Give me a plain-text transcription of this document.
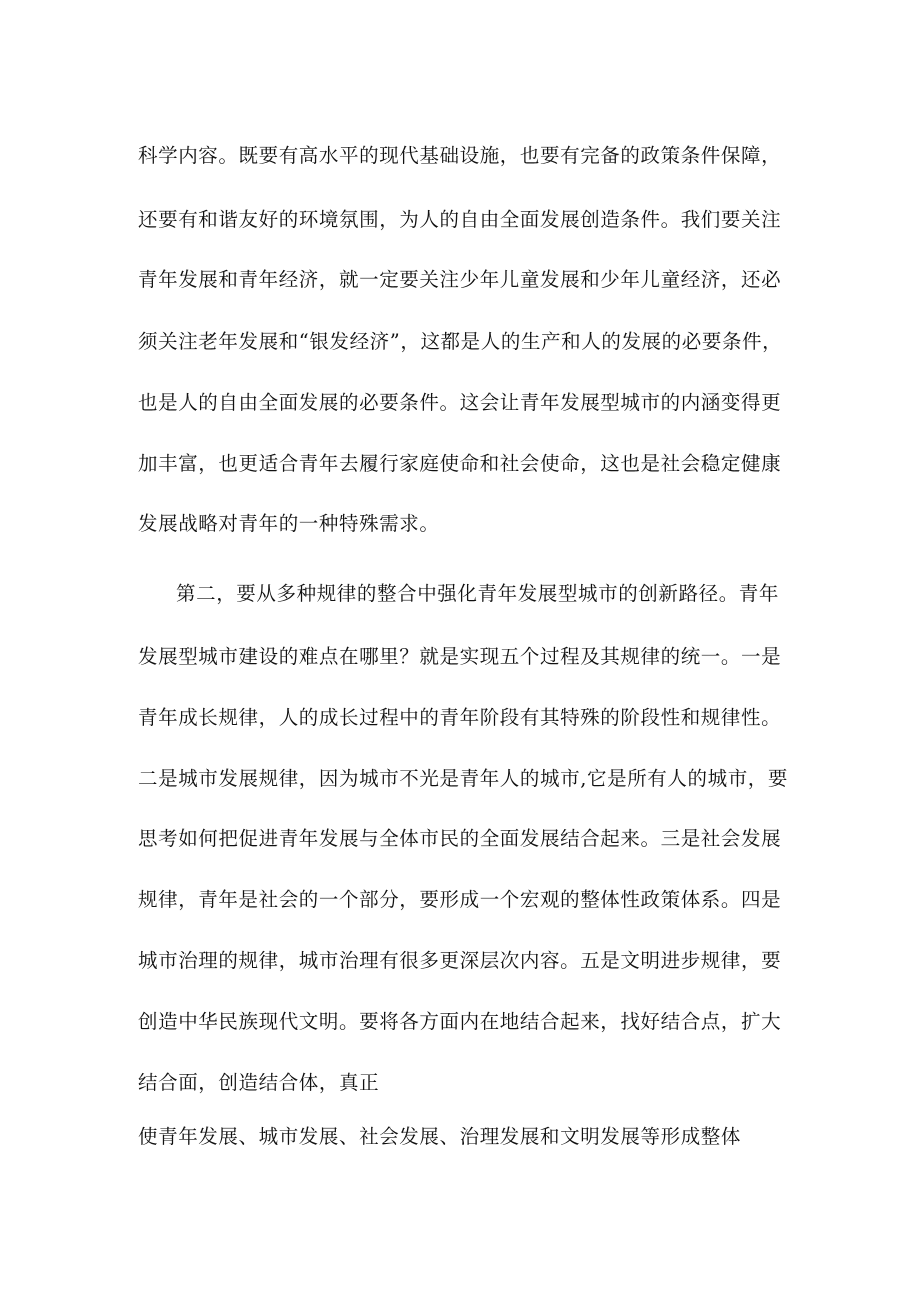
科学内容。既要有高水平的现代基础设施，也要有完备的政策条件保障，
还要有和谐友好的环境氛围，为人的自由全面发展创造条件。我们要关注
青年发展和青年经济，就一定要关注少年儿童发展和少年儿童经济，还必
须关注老年发展和“银发经济”，这都是人的生产和人的发展的必要条件，
也是人的自由全面发展的必要条件。这会让青年发展型城市的内涵变得更
加丰富，也更适合青年去履行家庭使命和社会使命，这也是社会稳定健康
发展战略对青年的一种特殊需求。
第二，要从多种规律的整合中强化青年发展型城市的创新路径。青年
发展型城市建设的难点在哪里？就是实现五个过程及其规律的统一。一是
青年成长规律，人的成长过程中的青年阶段有其特殊的阶段性和规律性。
二是城市发展规律，因为城市不光是青年人的城市,它是所有人的城市，要
思考如何把促进青年发展与全体市民的全面发展结合起来。三是社会发展
规律，青年是社会的一个部分，要形成一个宏观的整体性政策体系。四是
城市治理的规律，城市治理有很多更深层次内容。五是文明进步规律，要
创造中华民族现代文明。要将各方面内在地结合起来，找好结合点，扩大
结合面，创造结合体，真正
使青年发展、城市发展、社会发展、治理发展和文明发展等形成整体
